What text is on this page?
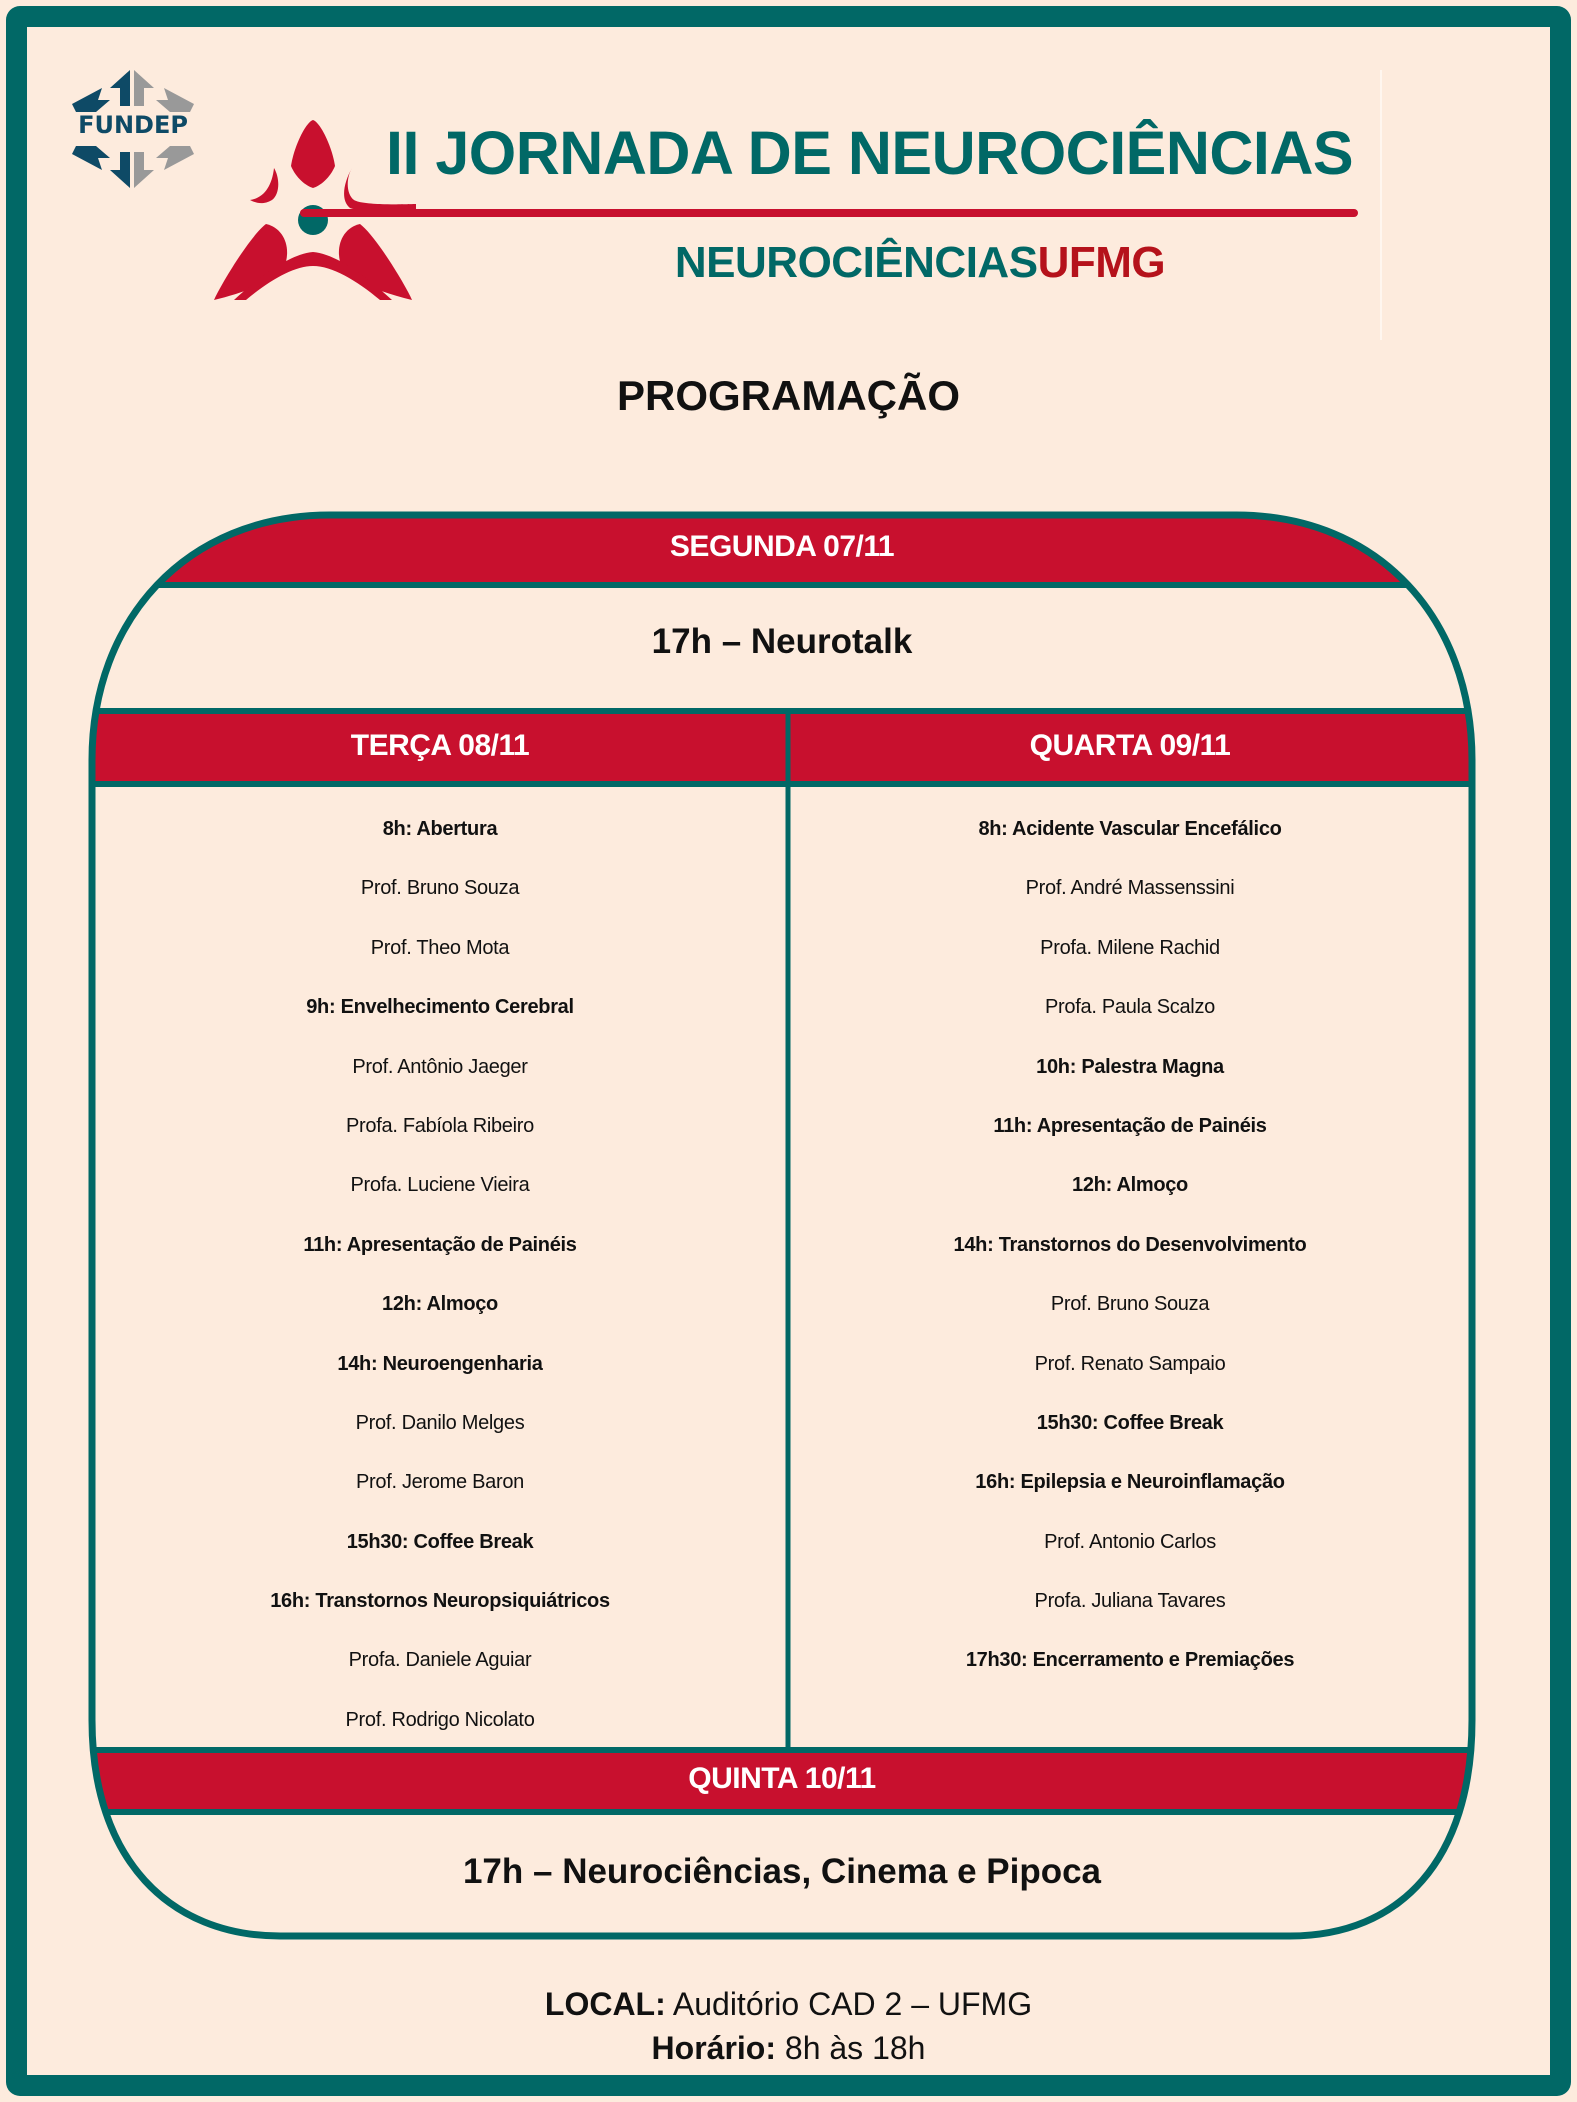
FUNDEP	II JORNADA DE NEUROCIÊNCIAS
NEUROCIÊNCIASUFMG
PROGRAMAÇÃO
SEGUNDA 07/11
17h – Neurotalk
TERÇA 08/11	QUARTA 09/11
8h: Abertura
Prof. Bruno Souza
Prof. Theo Mota
9h: Envelhecimento Cerebral
Prof. Antônio Jaeger
Profa. Fabíola Ribeiro
Profa. Luciene Vieira
11h: Apresentação de Painéis
12h: Almoço
14h: Neuroengenharia
Prof. Danilo Melges
Prof. Jerome Baron
15h30: Coffee Break
16h: Transtornos Neuropsiquiátricos
Profa. Daniele Aguiar
Prof. Rodrigo Nicolato
8h: Acidente Vascular Encefálico
Prof. André Massenssini
Profa. Milene Rachid
Profa. Paula Scalzo
10h: Palestra Magna
11h: Apresentação de Painéis
12h: Almoço
14h: Transtornos do Desenvolvimento
Prof. Bruno Souza
Prof. Renato Sampaio
15h30: Coffee Break
16h: Epilepsia e Neuroinflamação
Prof. Antonio Carlos
Profa. Juliana Tavares
17h30: Encerramento e Premiações
QUINTA 10/11
17h – Neurociências, Cinema e Pipoca
LOCAL: Auditório CAD 2 – UFMG
Horário: 8h às 18h
